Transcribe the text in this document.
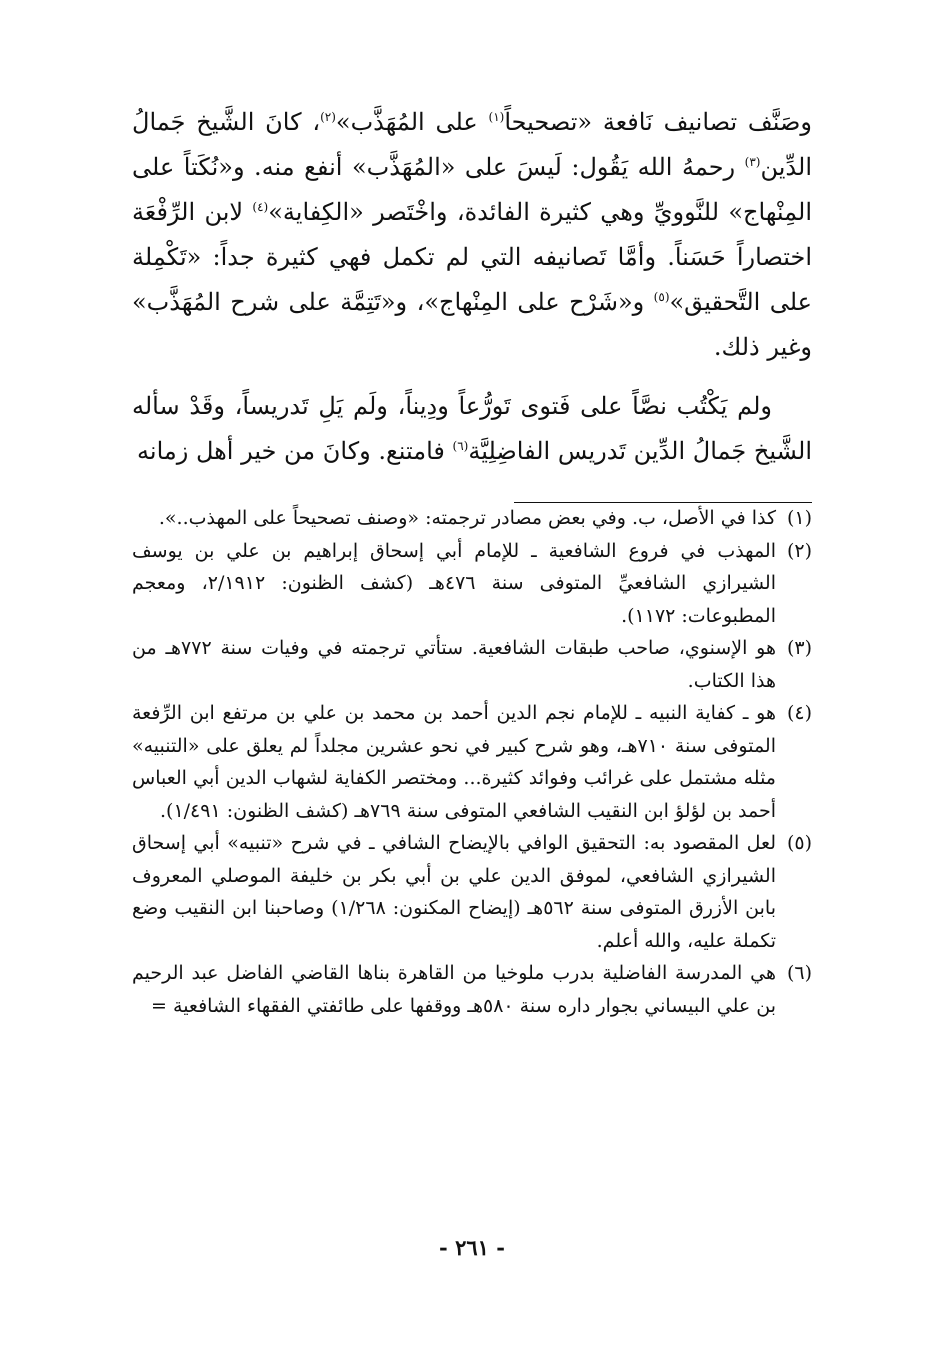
وصَنَّف تصانيف نَافعة «تصحيحاً$^{(١)}$ على المُهَذَّب»$^{(٢)}$، كانَ الشَّيخ جَمالُ الدِّين$^{(٣)}$ رحمهُ الله يَقُول: لَيسَ على «المُهَذَّب» أنفع منه. و«نُكَتاً على المِنْهاج» للنَّوويِّ وهي كثيرة الفائدة، واخْتَصر «الكِفاية»$^{(٤)}$ لابن الرِّفْعَة اختصاراً حَسَناً. وأمَّا تَصانيفه التي لم تكمل فهي كثيرة جداً: «تَكْمِلة على التَّحقيق»$^{(٥)}$ و«شَرْح على المِنْهاج»، و«تَتِمَّة على شرح المُهَذَّب» وغير ذلك.

ولم يَكْتُب نصَّاً على فَتوى تَورُّعاً ودِيناً، ولَم يَلِ تَدريساً، وقَدْ سأله الشَّيخ جَمالُ الدِّين تَدريس الفاضِلِيَّة$^{(٦)}$ فامتنع. وكانَ من خير أهل زمانه

(١)
كذا في الأصل، ب. وفي بعض مصادر ترجمته: «وصنف تصحيحاً على المهذب..».
(٢)
المهذب في فروع الشافعية ـ للإمام أبي إسحاق إبراهيم بن علي بن يوسف الشيرازي الشافعيِّ المتوفى سنة ٤٧٦هـ (كشف الظنون: ٢/١٩١٢، ومعجم المطبوعات: ١١٧٢).
(٣)
هو الإسنوي، صاحب طبقات الشافعية. ستأتي ترجمته في وفيات سنة ٧٧٢هـ من هذا الكتاب.
(٤)
هو ـ كفاية النبيه ـ للإمام نجم الدين أحمد بن محمد بن علي بن مرتفع ابن الرِّفعة المتوفى سنة ٧١٠هـ، وهو شرح كبير في نحو عشرين مجلداً لم يعلق على «التنبيه» مثله مشتمل على غرائب وفوائد كثيرة... ومختصر الكفاية لشهاب الدين أبي العباس أحمد بن لؤلؤ ابن النقيب الشافعي المتوفى سنة ٧٦٩هـ (كشف الظنون: ١/٤٩١).
(٥)
لعل المقصود به: التحقيق الوافي بالإيضاح الشافي ـ في شرح «تنبيه» أبي إسحاق الشيرازي الشافعي، لموفق الدين علي بن أبي بكر بن خليفة الموصلي المعروف بابن الأزرق المتوفى سنة ٥٦٢هـ (إيضاح المكنون: ١/٢٦٨) وصاحبنا ابن النقيب وضع تكملة عليه، والله أعلم.
(٦)
هي المدرسة الفاضلية بدرب ملوخيا من القاهرة بناها القاضي الفاضل عبد الرحيم بن علي البيساني بجوار داره سنة ٥٨٠هـ ووقفها على طائفتي الفقهاء الشافعية =
- ٢٦١ -
